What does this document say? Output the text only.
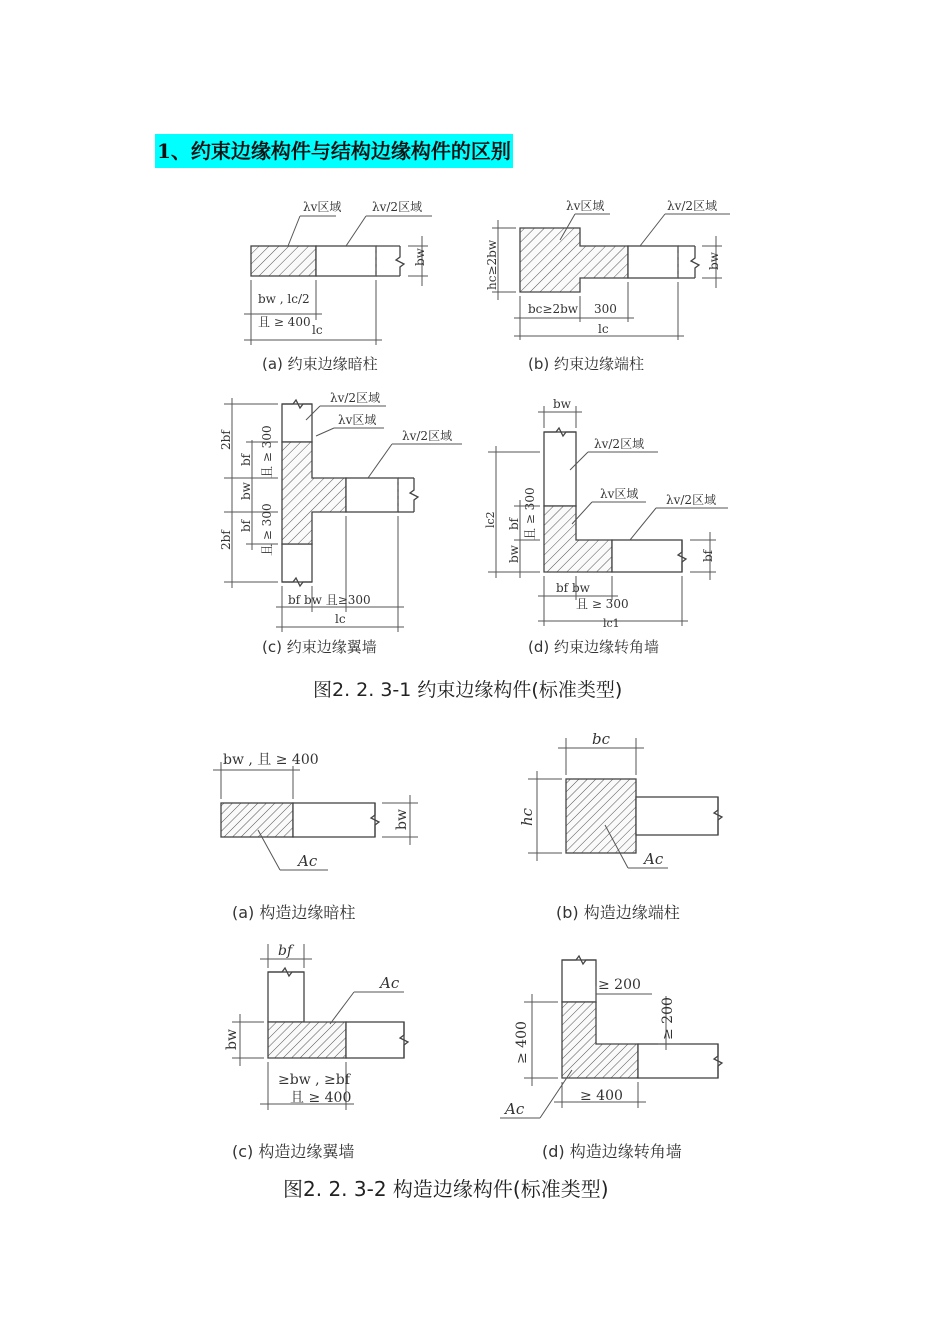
1、约束边缘构件与结构边缘构件的区别
λv区域	λv/2区域
bw
bw , lc/2
且 ≥ 400
lc
(a) 约束边缘暗柱
λv区域	λv/2区域
hc≥2bw	bw
bc≥2bw 300
lc
(b) 约束边缘端柱
λv/2区域
λv区域
λv/2区域
2bf
2bf
bf
bw
bf
且 ≥ 300
且 ≥ 300
bf bw 且≥300
lc
(c) 约束边缘翼墙
λv/2区域
λv区域 λv/2区域
bw
lc2 bf
bw
且 ≥ 300
bf
bf bw
且 ≥ 300
lc1
(d) 约束边缘转角墙
图2. 2. 3-1 约束边缘构件(标准类型)
bw , 且 ≥ 400
bw
Ac
(a) 构造边缘暗柱
bc
hc
Ac
(b) 构造边缘端柱
bf
bw
Ac
≥bw , ≥bf
且 ≥ 400
(c) 构造边缘翼墙
≥ 200
≥ 200
≥ 400
≥ 400
Ac
(d) 构造边缘转角墙
图2. 2. 3-2 构造边缘构件(标准类型)
